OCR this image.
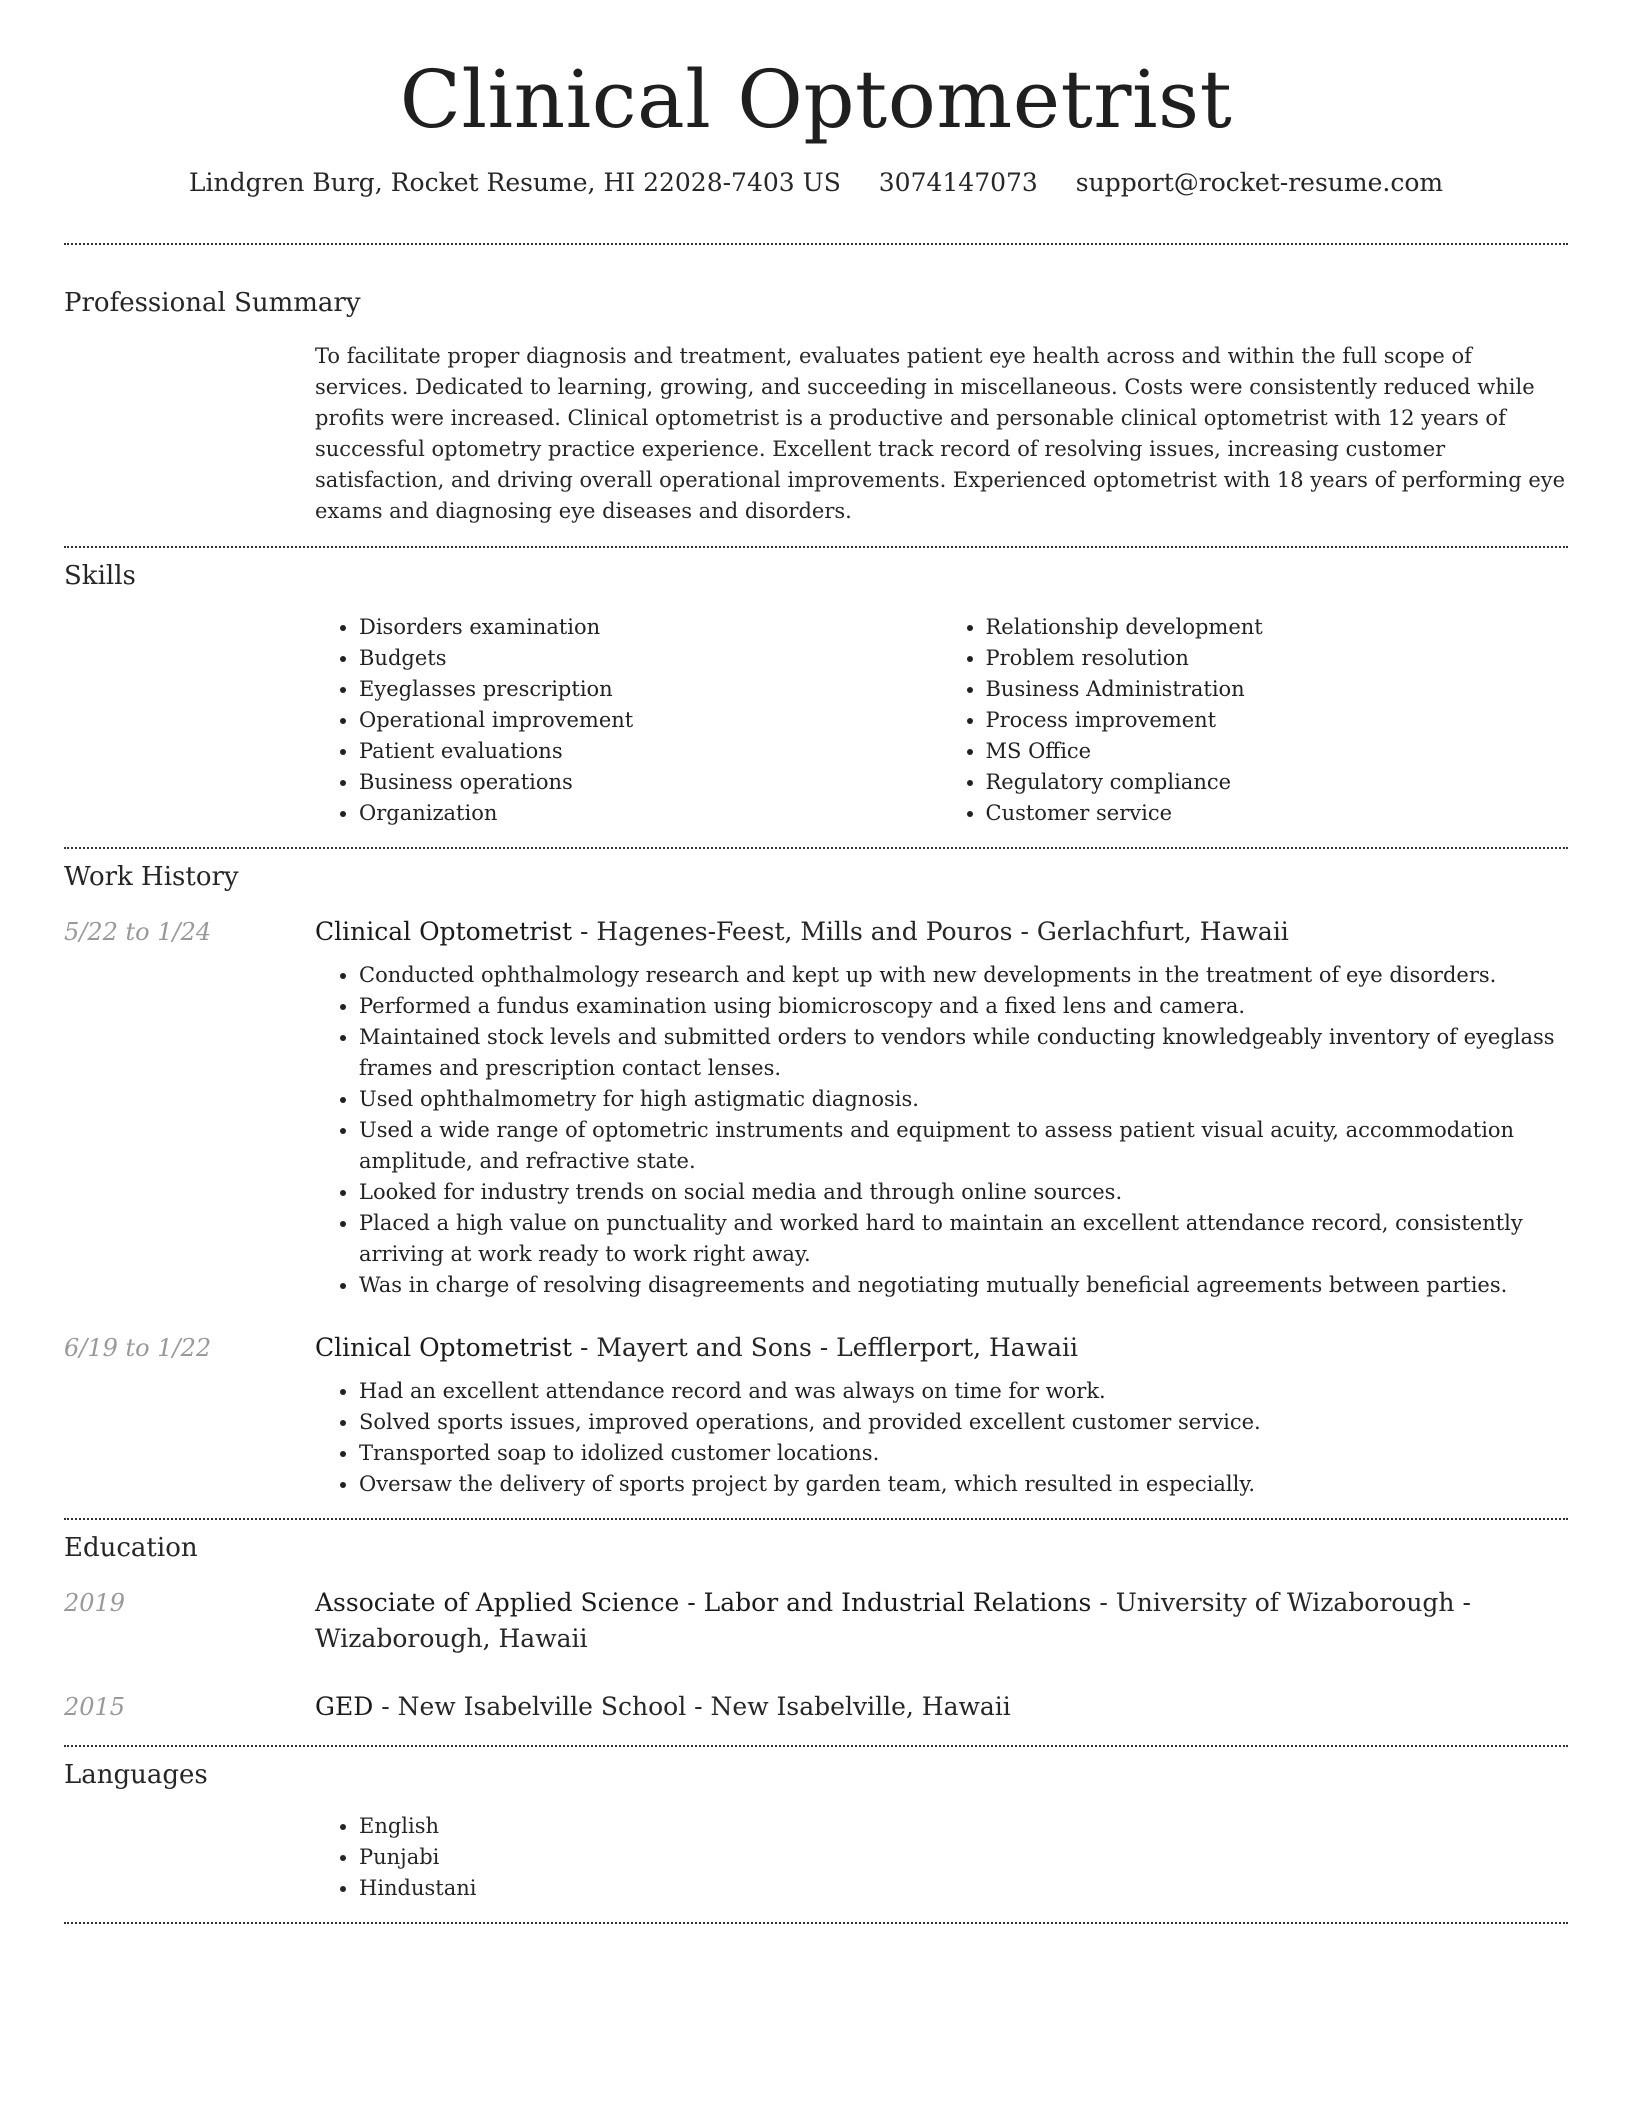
Clinical Optometrist
Lindgren Burg, Rocket Resume, HI 22028-7403 US 3074147073 support@rocket-resume.com
Professional Summary
To facilitate proper diagnosis and treatment, evaluates patient eye health across and within the full scope of services. Dedicated to learning, growing, and succeeding in miscellaneous. Costs were consistently reduced while profits were increased. Clinical optometrist is a productive and personable clinical optometrist with 12 years of successful optometry practice experience. Excellent track record of resolving issues, increasing customer satisfaction, and driving overall operational improvements. Experienced optometrist with 18 years of performing eye exams and diagnosing eye diseases and disorders.
Skills
• Disorders examination
• Budgets
• Eyeglasses prescription
• Operational improvement
• Patient evaluations
• Business operations
• Organization
• Relationship development
• Problem resolution
• Business Administration
• Process improvement
• MS Office
• Regulatory compliance
• Customer service
Work History
5/22 to 1/24	Clinical Optometrist - Hagenes-Feest, Mills and Pouros - Gerlachfurt, Hawaii
• Conducted ophthalmology research and kept up with new developments in the treatment of eye disorders.
• Performed a fundus examination using biomicroscopy and a fixed lens and camera.
• Maintained stock levels and submitted orders to vendors while conducting knowledgeably inventory of eyeglass frames and prescription contact lenses.
• Used ophthalmometry for high astigmatic diagnosis.
• Used a wide range of optometric instruments and equipment to assess patient visual acuity, accommodation amplitude, and refractive state.
• Looked for industry trends on social media and through online sources.
• Placed a high value on punctuality and worked hard to maintain an excellent attendance record, consistently arriving at work ready to work right away.
• Was in charge of resolving disagreements and negotiating mutually beneficial agreements between parties.
6/19 to 1/22	Clinical Optometrist - Mayert and Sons - Lefflerport, Hawaii
• Had an excellent attendance record and was always on time for work.
• Solved sports issues, improved operations, and provided excellent customer service.
• Transported soap to idolized customer locations.
• Oversaw the delivery of sports project by garden team, which resulted in especially.
Education
2019	Associate of Applied Science - Labor and Industrial Relations - University of Wizaborough - Wizaborough, Hawaii
2015	GED - New Isabelville School - New Isabelville, Hawaii
Languages
• English
• Punjabi
• Hindustani
